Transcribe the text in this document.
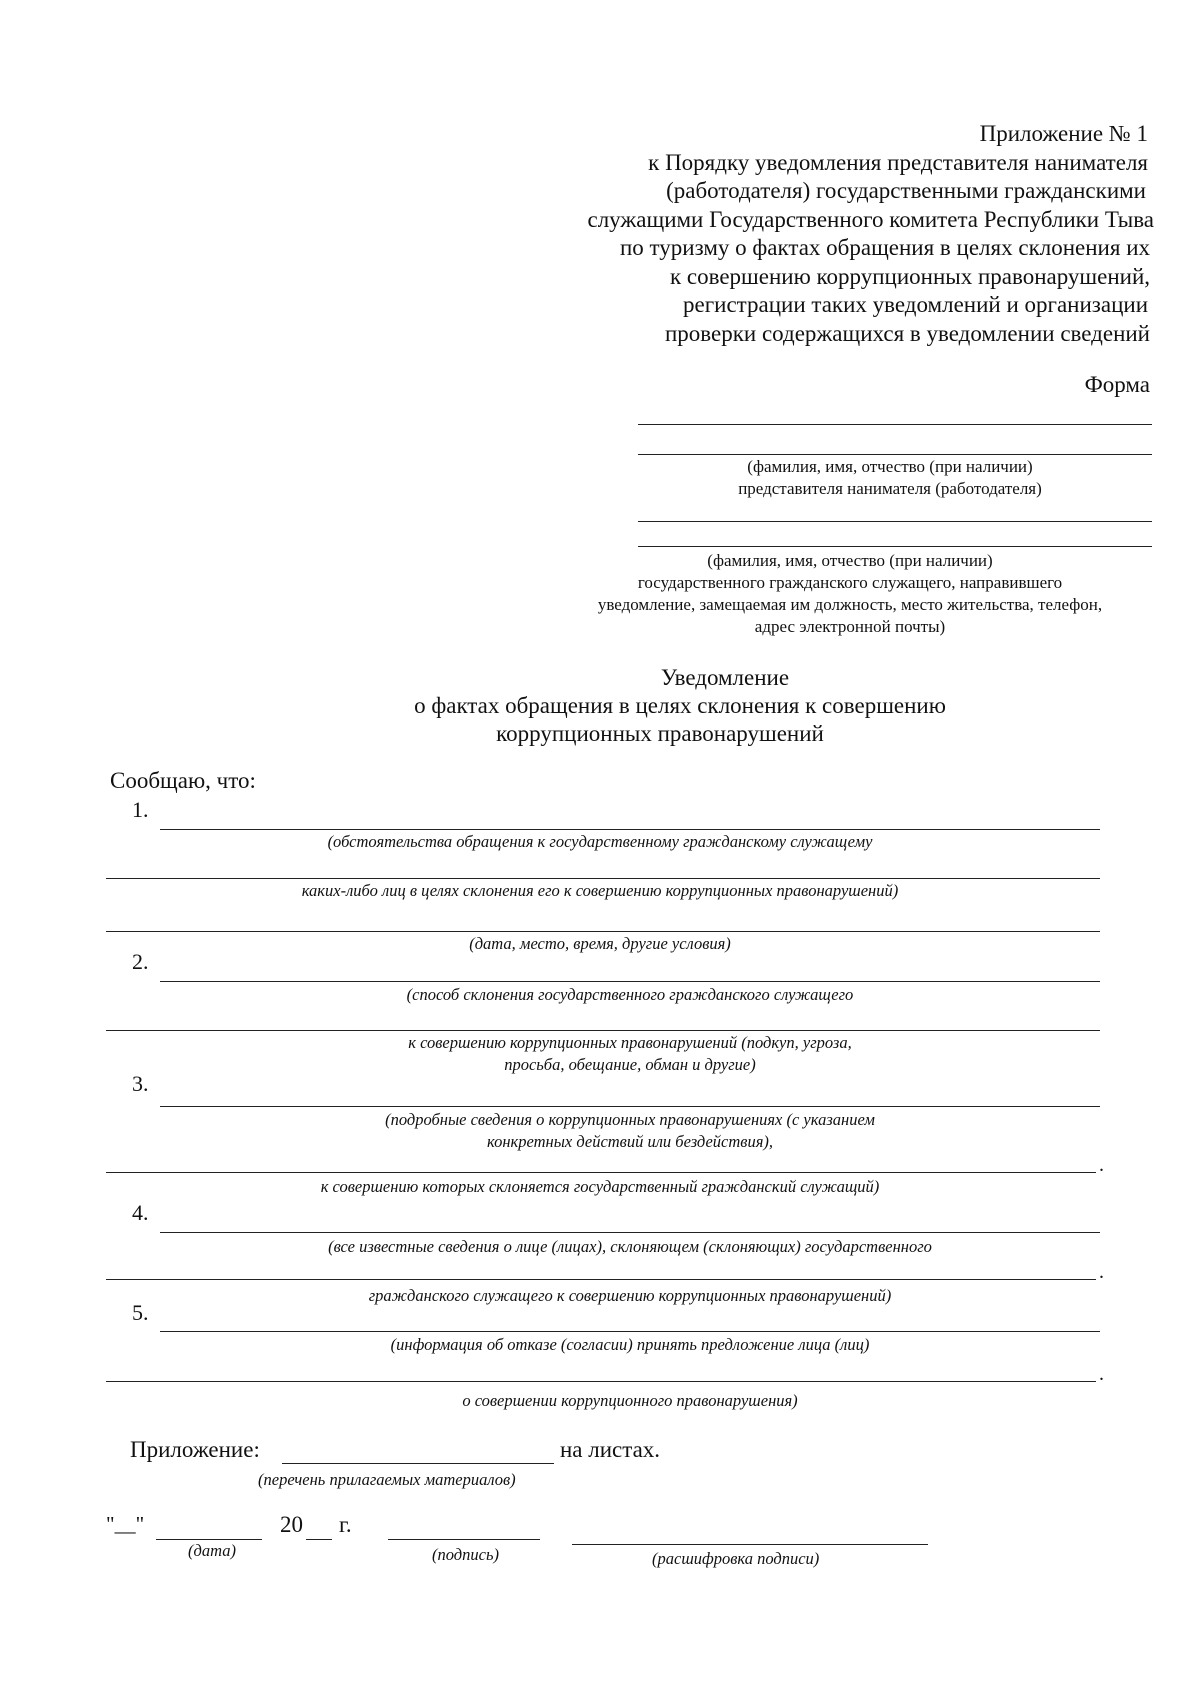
Приложение № 1
к Порядку уведомления представителя нанимателя
(работодателя) государственными гражданскими
служащими Государственного комитета Республики Тыва
по туризму о фактах обращения в целях склонения их
к совершению коррупционных правонарушений,
регистрации таких уведомлений и организации
проверки содержащихся в уведомлении сведений
Форма
(фамилия, имя, отчество (при наличии)
представителя нанимателя (работодателя)
(фамилия, имя, отчество (при наличии)
государственного гражданского служащего, направившего
уведомление, замещаемая им должность, место жительства, телефон,
адрес электронной почты)
Уведомление
о фактах обращения в целях склонения к совершению
коррупционных правонарушений
Сообщаю, что:
1.
(обстоятельства обращения к государственному гражданскому служащему
каких-либо лиц в целях склонения его к совершению коррупционных правонарушений)
(дата, место, время, другие условия)
2.
(способ склонения государственного гражданского служащего
к совершению коррупционных правонарушений (подкуп, угроза,
просьба, обещание, обман и другие)
3.
(подробные сведения о коррупционных правонарушениях (с указанием
конкретных действий или бездействия),
.
к совершению которых склоняется государственный гражданский служащий)
4.
(все известные сведения о лице (лицах), склоняющем (склоняющих) государственного
.
гражданского служащего к совершению коррупционных правонарушений)
5.
(информация об отказе (согласии) принять предложение лица (лиц)
.
о совершении коррупционного правонарушения)
Приложение:	на листах.
(перечень прилагаемых материалов)
"__"	20 г.
(дата)	(подпись)	(расшифровка подписи)
